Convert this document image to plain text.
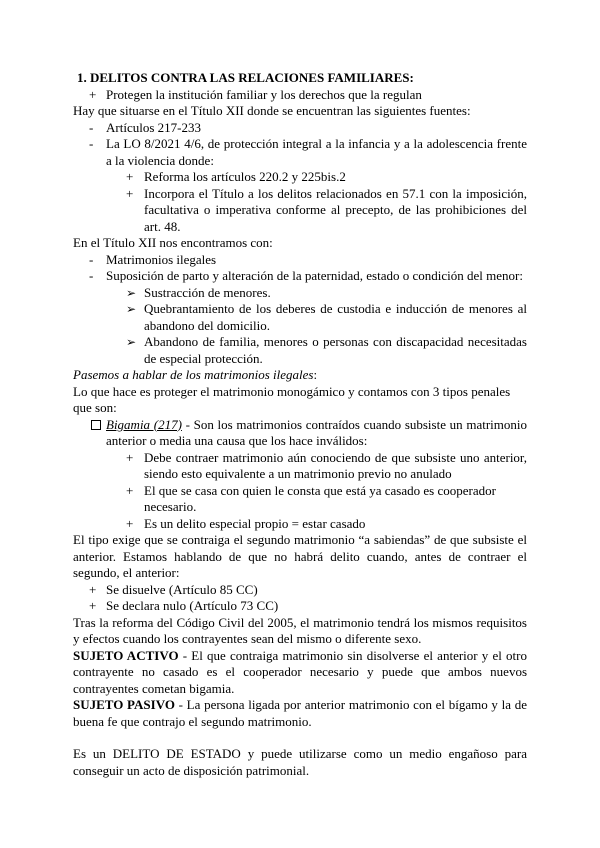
1. DELITOS CONTRA LAS RELACIONES FAMILIARES:

+ Protegen la institución familiar y los derechos que la regulan

Hay que situarse en el Título XII donde se encuentran las siguientes fuentes:

- Artículos 217-233
- La LO 8/2021 4/6, de protección integral a la infancia y a la adolescencia frente a la violencia donde:
+ Reforma los artículos 220.2 y 225bis.2
+ Incorpora el Título a los delitos relacionados en 57.1 con la imposición, facultativa o imperativa conforme al precepto, de las prohibiciones del art. 48.

En el Título XII nos encontramos con:

- Matrimonios ilegales
- Suposición de parto y alteración de la paternidad, estado o condición del menor:
➢ Sustracción de menores.
➢ Quebrantamiento de los deberes de custodia e inducción de menores al abandono del domicilio.
➢ Abandono de familia, menores o personas con discapacidad necesitadas de especial protección.

Pasemos a hablar de los matrimonios ilegales:

Lo que hace es proteger el matrimonio monogámico y contamos con 3 tipos penales que son:

Bigamia (217) - Son los matrimonios contraídos cuando subsiste un matrimonio anterior o media una causa que los hace inválidos:
+ Debe contraer matrimonio aún conociendo de que subsiste uno anterior, siendo esto equivalente a un matrimonio previo no anulado
+ El que se casa con quien le consta que está ya casado es cooperador necesario.
+ Es un delito especial propio = estar casado

El tipo exige que se contraiga el segundo matrimonio “a sabiendas” de que subsiste el anterior. Estamos hablando de que no habrá delito cuando, antes de contraer el segundo, el anterior:

+ Se disuelve (Artículo 85 CC)
+ Se declara nulo (Artículo 73 CC)

Tras la reforma del Código Civil del 2005, el matrimonio tendrá los mismos requisitos y efectos cuando los contrayentes sean del mismo o diferente sexo.

SUJETO ACTIVO - El que contraiga matrimonio sin disolverse el anterior y el otro contrayente no casado es el cooperador necesario y puede que ambos nuevos contrayentes cometan bigamia.

SUJETO PASIVO - La persona ligada por anterior matrimonio con el bígamo y la de buena fe que contrajo el segundo matrimonio.

Es un DELITO DE ESTADO y puede utilizarse como un medio engañoso para conseguir un acto de disposición patrimonial.
